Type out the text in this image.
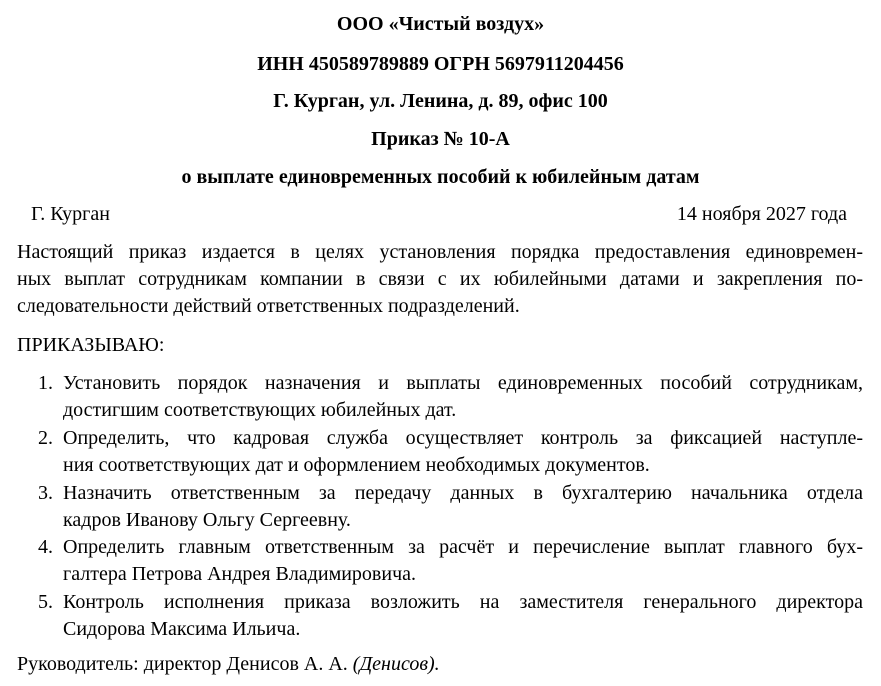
ООО «Чистый воздух»
ИНН 450589789889 ОГРН 5697911204456
Г. Курган, ул. Ленина, д. 89, офис 100
Приказ № 10-А
о выплате единовременных пособий к юбилейным датам
Г. Курган	14 ноября 2027 года
Настоящий приказ издается в целях установления порядка предоставления единовремен-
ных выплат сотрудникам компании в связи с их юбилейными датами и закрепления по-
следовательности действий ответственных подразделений.
ПРИКАЗЫВАЮ:
1. Установить порядок назначения и выплаты единовременных пособий сотрудникам,
достигшим соответствующих юбилейных дат.
2. Определить, что кадровая служба осуществляет контроль за фиксацией наступле-
ния соответствующих дат и оформлением необходимых документов.
3. Назначить ответственным за передачу данных в бухгалтерию начальника отдела
кадров Иванову Ольгу Сергеевну.
4. Определить главным ответственным за расчёт и перечисление выплат главного бух-
галтера Петрова Андрея Владимировича.
5. Контроль исполнения приказа возложить на заместителя генерального директора
Сидорова Максима Ильича.
Руководитель: директор Денисов А. А. (Денисов).
